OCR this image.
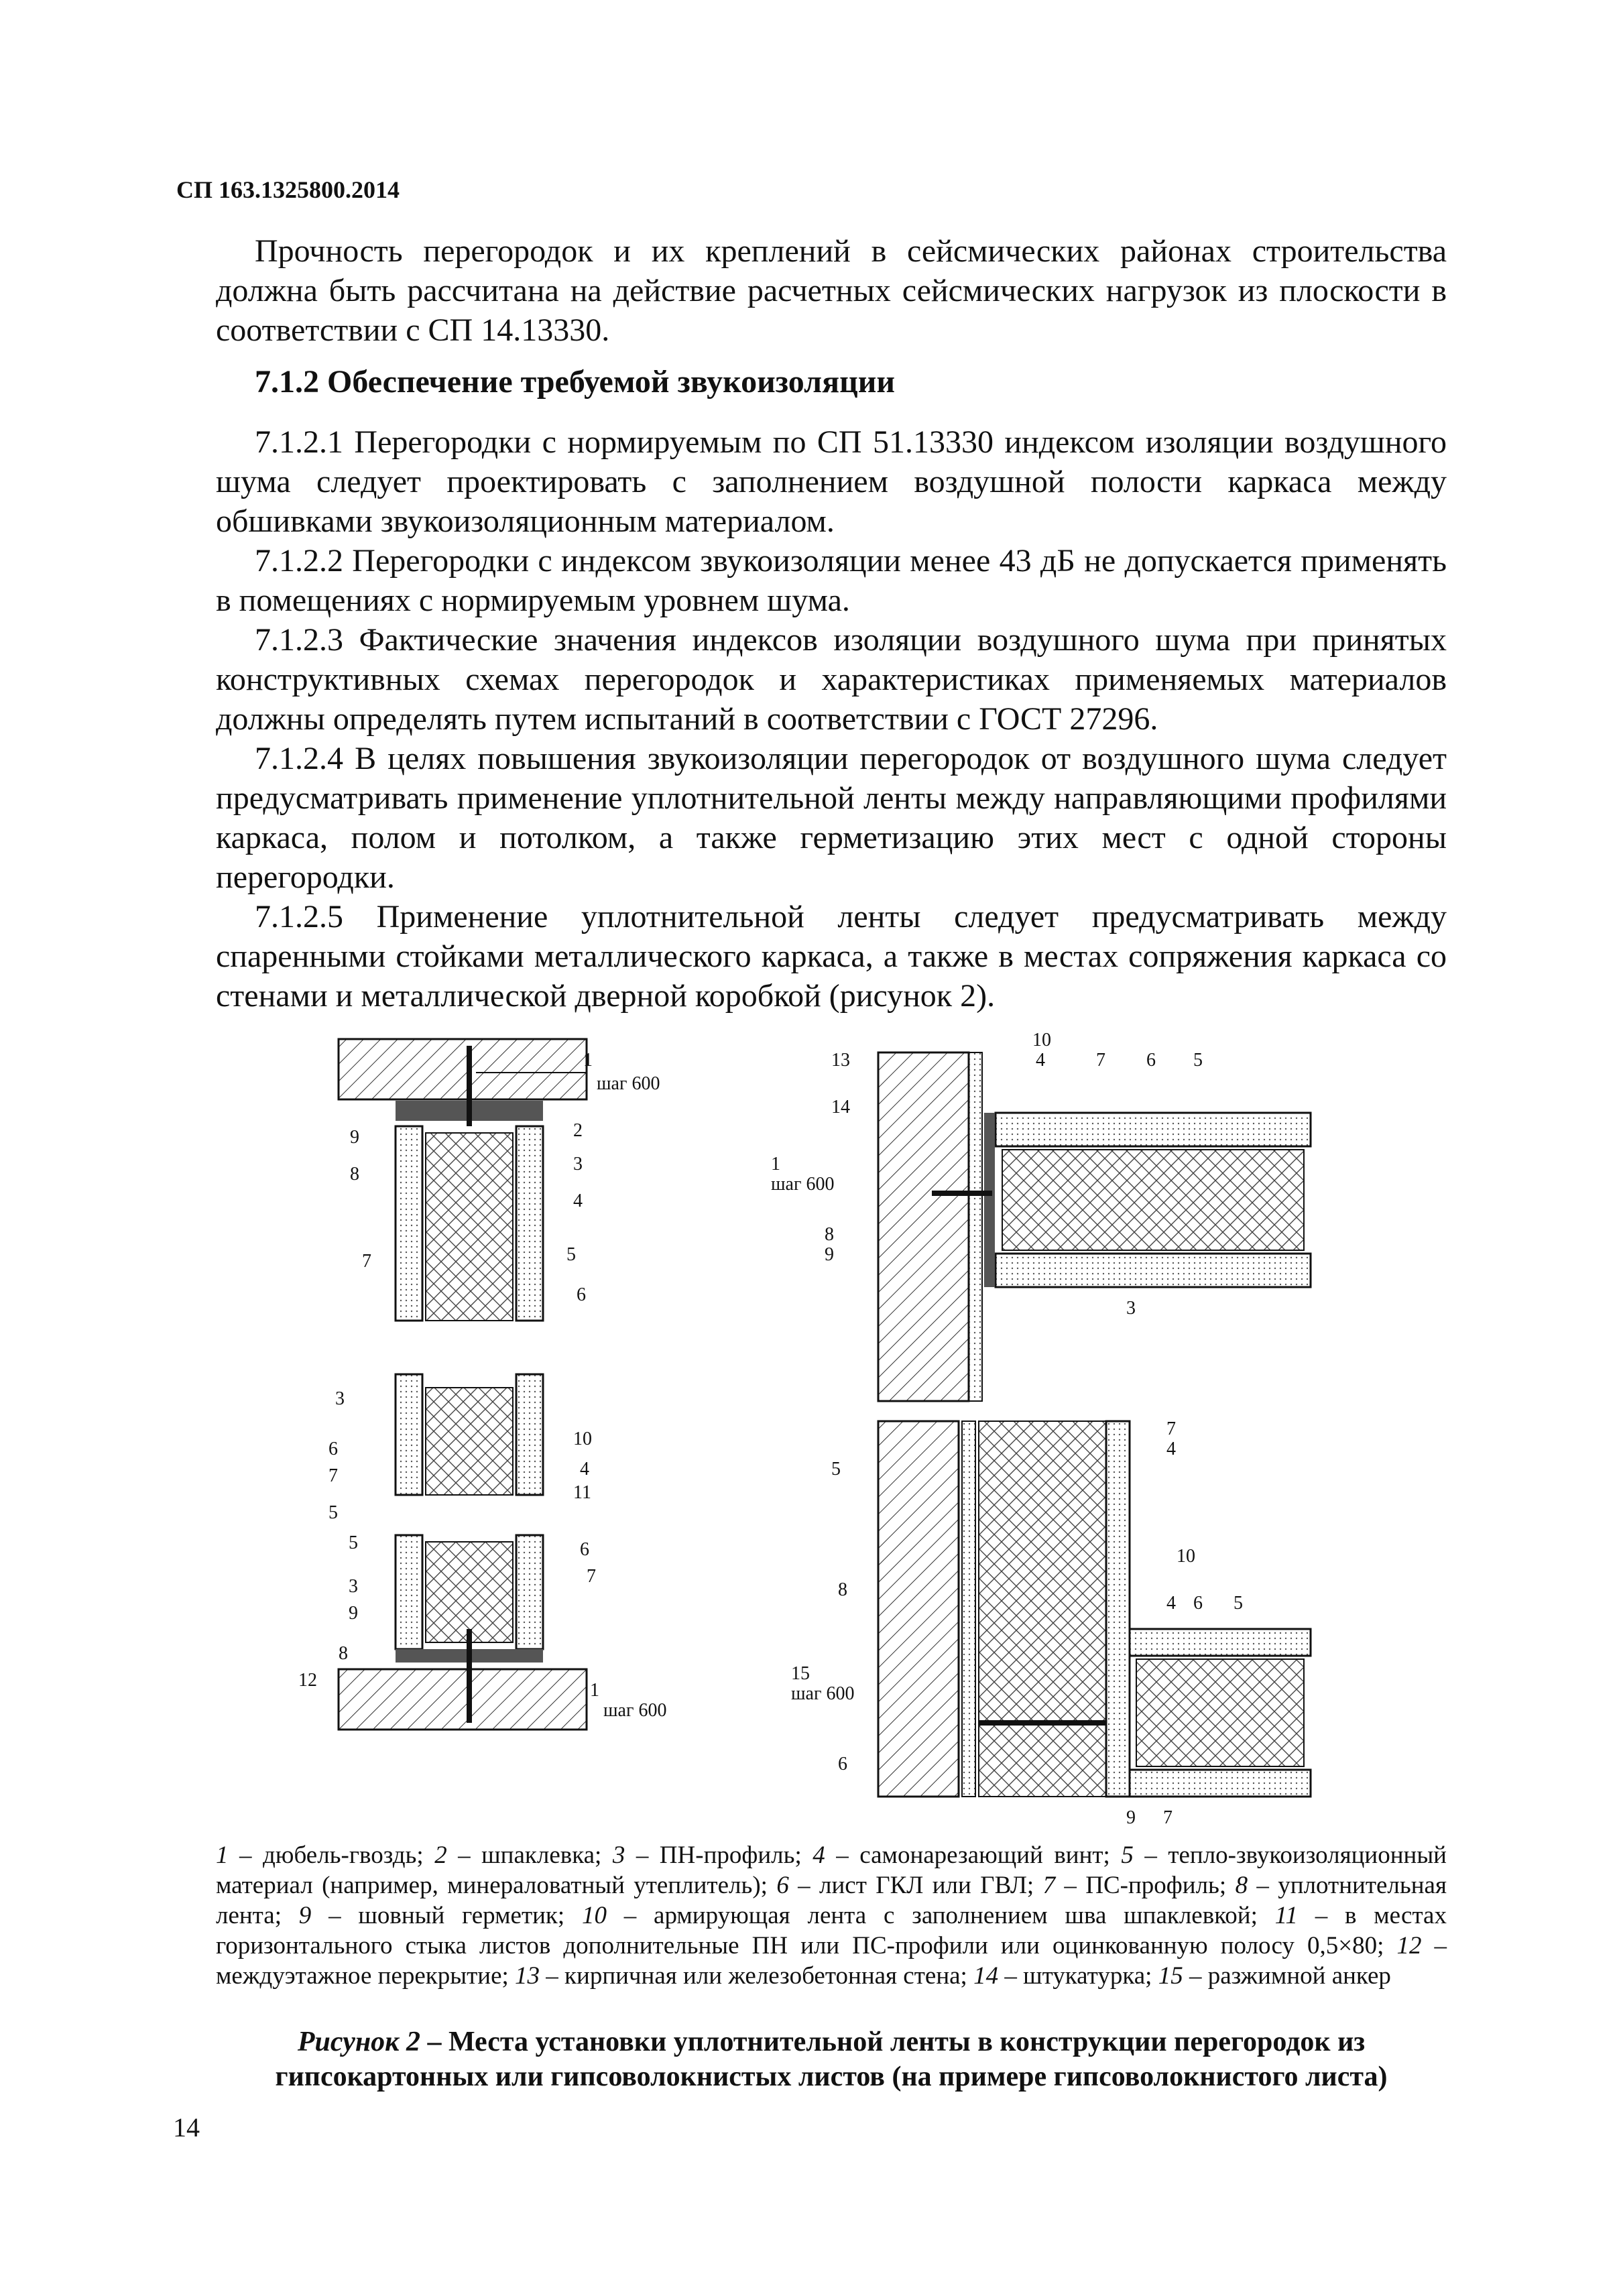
СП 163.1325800.2014

Прочность перегородок и их креплений в сейсмических районах строительства должна быть рассчитана на действие расчетных сейсмических нагрузок из плоскости в соответствии с СП 14.13330.

7.1.2 Обеспечение требуемой звукоизоляции

7.1.2.1 Перегородки с нормируемым по СП 51.13330 индексом изоляции воздушного шума следует проектировать с заполнением воздушной полости каркаса между обшивками звукоизоляционным материалом.

7.1.2.2 Перегородки с индексом звукоизоляции менее 43 дБ не допускается применять в помещениях с нормируемым уровнем шума.

7.1.2.3 Фактические значения индексов изоляции воздушного шума при принятых конструктивных схемах перегородок и характеристиках применяемых материалов должны определять путем испытаний в соответствии с ГОСТ 27296.

7.1.2.4 В целях повышения звукоизоляции перегородок от воздушного шума следует предусматривать применение уплотнительной ленты между направляющими профилями каркаса, полом и потолком, а также герметизацию этих мест с одной стороны перегородки.

7.1.2.5 Применение уплотнительной ленты следует предусматривать между спаренными стойками металлического каркаса, а также в местах сопряжения каркаса со стенами и металлической дверной коробкой (рисунок 2).

1
шаг 600
9
8
7
2
3
4
5
6
3
6
7
5
10
4
11
5
3
9
8
12
6
7
1
шаг 600
10
4	7 6 5
13
14
1
шаг 600
8
9
3
7
4
5
10
8
4 6 5
15
шаг 600
6
9 7
1 – дюбель-гвоздь; 2 – шпаклевка; 3 – ПН-профиль; 4 – самонарезающий винт; 5 – тепло-звукоизоляционный материал (например, минераловатный утеплитель); 6 – лист ГКЛ или ГВЛ; 7 – ПС-профиль; 8 – уплотнительная лента; 9 – шовный герметик; 10 – армирующая лента с заполнением шва шпаклевкой; 11 – в местах горизонтального стыка листов дополнительные ПН или ПС-профили или оцинкованную полосу 0,5×80; 12 – междуэтажное перекрытие; 13 – кирпичная или железобетонная стена; 14 – штукатурка; 15 – разжимной анкер
Рисунок 2 – Места установки уплотнительной ленты в конструкции перегородок из гипсокартонных или гипсоволокнистых листов (на примере гипсоволокнистого листа)
14
